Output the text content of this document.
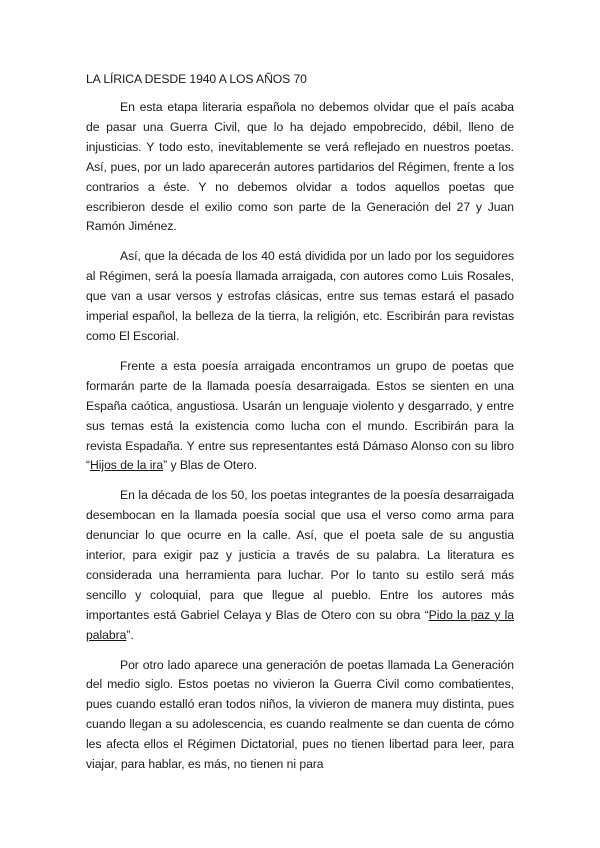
LA LÍRICA DESDE 1940 A LOS AÑOS 70

En esta etapa literaria española no debemos olvidar que el país acaba de pasar una Guerra Civil, que lo ha dejado empobrecido, débil, lleno de injusticias. Y todo esto, inevitablemente se verá reflejado en nuestros poetas. Así, pues, por un lado aparecerán autores partidarios del Régimen, frente a los contrarios a éste. Y no debemos olvidar a todos aquellos poetas que escribieron desde el exilio como son parte de la Generación del 27 y Juan Ramón Jiménez.

Así, que la década de los 40 está dividida por un lado por los seguidores al Régimen, será la poesía llamada arraigada, con autores como Luis Rosales, que van a usar versos y estrofas clásicas, entre sus temas estará el pasado imperial español, la belleza de la tierra, la religión, etc. Escribirán para revistas como El Escorial.

Frente a esta poesía arraigada encontramos un grupo de poetas que formarán parte de la llamada poesía desarraigada. Estos se sienten en una España caótica, angustiosa. Usarán un lenguaje violento y desgarrado, y entre sus temas está la existencia como lucha con el mundo. Escribirán para la revista Espadaña. Y entre sus representantes está Dámaso Alonso con su libro “Hijos de la ira” y Blas de Otero.

En la década de los 50, los poetas integrantes de la poesía desarraigada desembocan en la llamada poesía social que usa el verso como arma para denunciar lo que ocurre en la calle. Así, que el poeta sale de su angustia interior, para exigir paz y justicia a través de su palabra. La literatura es considerada una herramienta para luchar. Por lo tanto su estilo será más sencillo y coloquial, para que llegue al pueblo. Entre los autores más importantes está Gabriel Celaya y Blas de Otero con su obra “Pido la paz y la palabra”.

Por otro lado aparece una generación de poetas llamada La Generación del medio siglo. Estos poetas no vivieron la Guerra Civil como combatientes, pues cuando estalló eran todos niños, la vivieron de manera muy distinta, pues cuando llegan a su adolescencia, es cuando realmente se dan cuenta de cómo les afecta ellos el Régimen Dictatorial, pues no tienen libertad para leer, para viajar, para hablar, es más, no tienen ni para
